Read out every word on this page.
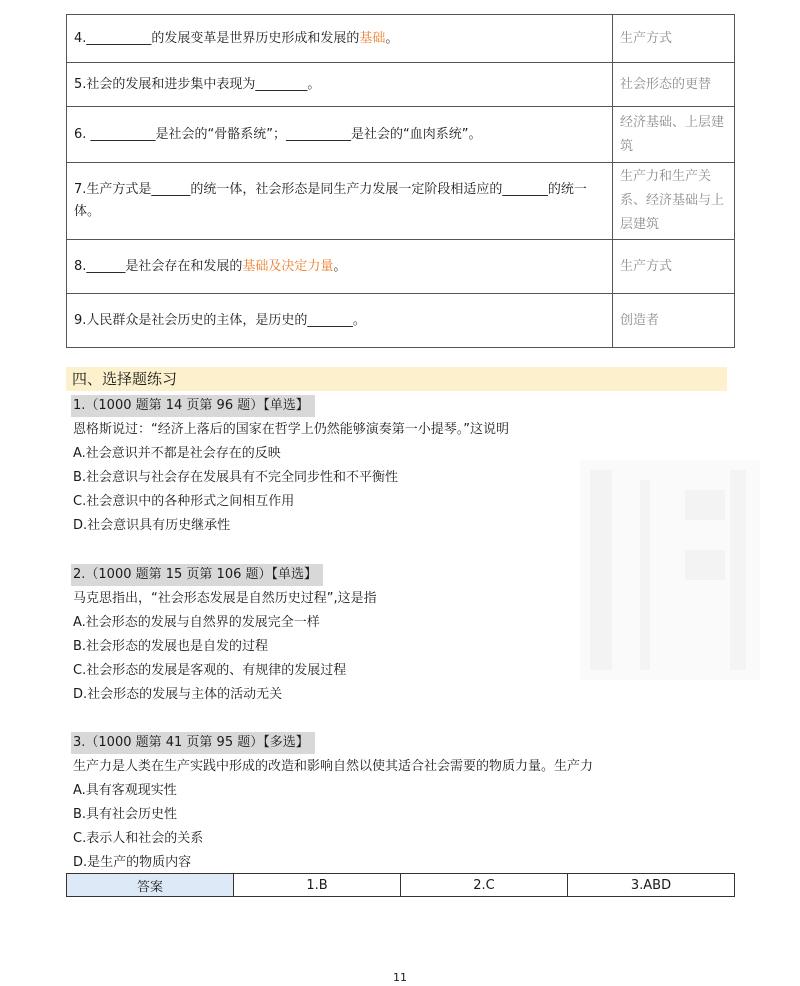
4.__________的发展变革是世界历史形成和发展的基础。	生产方式
5.社会的发展和进步集中表现为________。	社会形态的更替
6. __________是社会的“骨骼系统”；__________是社会的“血肉系统”。	经济基础、上层建筑
7.生产方式是______的统一体，社会形态是同生产力发展一定阶段相适应的_______的统一体。	生产力和生产关系、经济基础与上层建筑
8.______是社会存在和发展的基础及决定力量。	生产方式
9.人民群众是社会历史的主体，是历史的_______。	创造者
四、选择题练习
1.（1000 题第 14 页第 96 题）【单选】
恩格斯说过：“经济上落后的国家在哲学上仍然能够演奏第一小提琴。”这说明
A.社会意识并不都是社会存在的反映
B.社会意识与社会存在发展具有不完全同步性和不平衡性
C.社会意识中的各种形式之间相互作用
D.社会意识具有历史继承性
2.（1000 题第 15 页第 106 题）【单选】
马克思指出，“社会形态发展是自然历史过程”,这是指
A.社会形态的发展与自然界的发展完全一样
B.社会形态的发展也是自发的过程
C.社会形态的发展是客观的、有规律的发展过程
D.社会形态的发展与主体的活动无关
3.（1000 题第 41 页第 95 题）【多选】
生产力是人类在生产实践中形成的改造和影响自然以使其适合社会需要的物质力量。生产力
A.具有客观现实性
B.具有社会历史性
C.表示人和社会的关系
D.是生产的物质内容
答案	1.B	2.C	3.ABD
11
